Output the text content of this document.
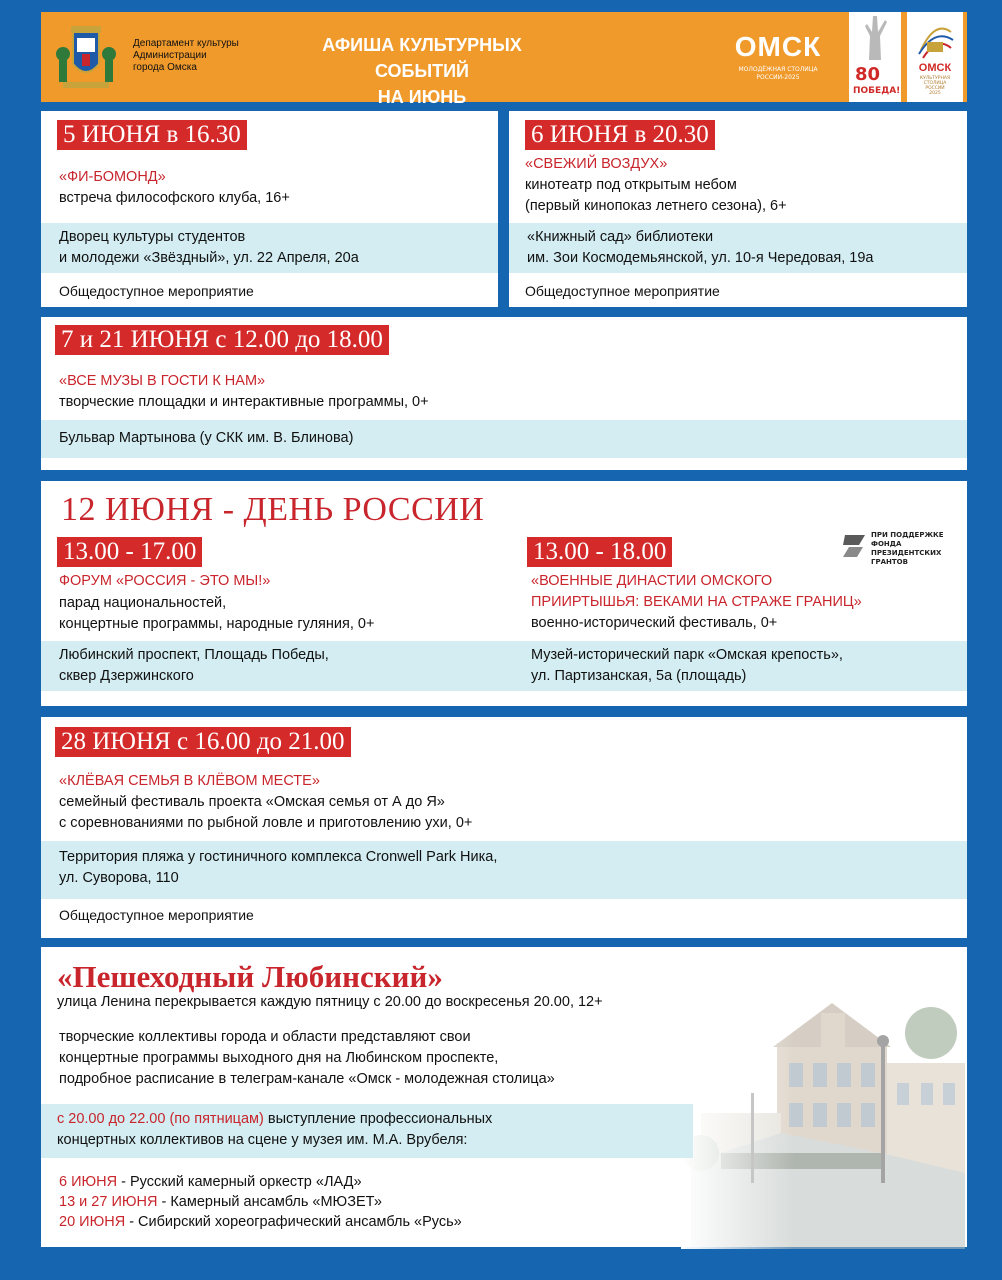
Департамент культуры
Администрации
города Омска
АФИША КУЛЬТУРНЫХ СОБЫТИЙ
НА ИЮНЬ
ОМСК
МОЛОДЁЖНАЯ СТОЛИЦА
РОССИИ-2025	80
ПОБЕДА!
ОМСК
КУЛЬТУРНАЯ
СТОЛИЦА
РОССИИ
2025
5 ИЮНЯ в 16.30
«ФИ-БОМОНД»
встреча философского клуба, 16+
Дворец культуры студентов
и молодежи «Звёздный», ул. 22 Апреля, 20а
Общедоступное мероприятие
6 ИЮНЯ в 20.30
«СВЕЖИЙ ВОЗДУХ»
кинотеатр под открытым небом
(первый кинопоказ летнего сезона), 6+
«Книжный сад» библиотеки
им. Зои Космодемьянской, ул. 10-я Чередовая, 19а
Общедоступное мероприятие
7 и 21 ИЮНЯ с 12.00 до 18.00
«ВСЕ МУЗЫ В ГОСТИ К НАМ»
творческие площадки и интерактивные программы, 0+
Бульвар Мартынова (у СКК им. В. Блинова)
12 ИЮНЯ - ДЕНЬ РОССИИ
ПРИ ПОДДЕРЖКЕ
ФОНДА
ПРЕЗИДЕНТСКИХ
ГРАНТОВ
13.00 - 17.00
ФОРУМ «РОССИЯ - ЭТО МЫ!»
парад национальностей,
концертные программы, народные гуляния, 0+
13.00 - 18.00
«ВОЕННЫЕ ДИНАСТИИ ОМСКОГО
ПРИИРТЫШЬЯ: ВЕКАМИ НА СТРАЖЕ ГРАНИЦ»
военно-исторический фестиваль, 0+
Любинский проспект, Площадь Победы,
сквер Дзержинского
Музей-исторический парк «Омская крепость»,
ул. Партизанская, 5а (площадь)
28 ИЮНЯ с 16.00 до 21.00
«КЛЁВАЯ СЕМЬЯ В КЛЁВОМ МЕСТЕ»
семейный фестиваль проекта «Омская семья от А до Я»
с соревнованиями по рыбной ловле и приготовлению ухи, 0+
Территория пляжа у гостиничного комплекса Cronwell Park Ника,
ул. Суворова, 110
Общедоступное мероприятие
«Пешеходный Любинский»
улица Ленина перекрывается каждую пятницу с 20.00 до воскресенья 20.00, 12+
творческие коллективы города и области представляют свои
концертные программы выходного дня на Любинском проспекте,
подробное расписание в телеграм-канале «Омск - молодежная столица»
с 20.00 до 22.00 (по пятницам) выступление профессиональных
концертных коллективов на сцене у музея им. М.А. Врубеля:
6 ИЮНЯ - Русский камерный оркестр «ЛАД»
13 и 27 ИЮНЯ - Камерный ансамбль «МЮЗЕТ»
20 ИЮНЯ - Сибирский хореографический ансамбль «Русь»
